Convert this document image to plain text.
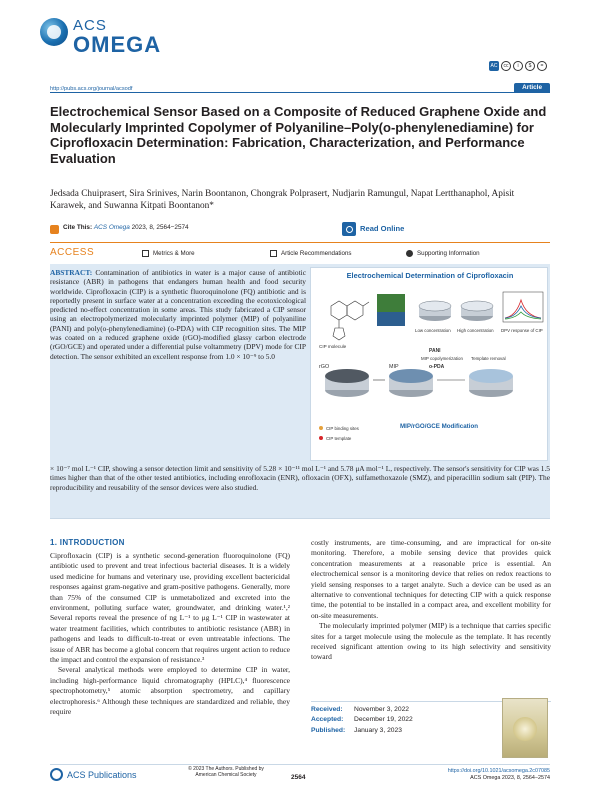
ACS
OMEGA
AC	cc	i	$	=
http://pubs.acs.org/journal/acsodf	Article
Electrochemical Sensor Based on a Composite of Reduced Graphene Oxide and Molecularly Imprinted Copolymer of Polyaniline–Poly(o-phenylenediamine) for Ciprofloxacin Determination: Fabrication, Characterization, and Performance Evaluation
Jedsada Chuiprasert, Sira Srinives, Narin Boontanon, Chongrak Polprasert, Nudjarin Ramungul, Napat Lertthanaphol, Apisit Karawek, and Suwanna Kitpati Boontanon*
Cite This: ACS Omega 2023, 8, 2564−2574	Read Online
ACCESS	Metrics & More	Article Recommendations	Supporting Information

ABSTRACT: Contamination of antibiotics in water is a major cause of antibiotic resistance (ABR) in pathogens that endangers human health and food security worldwide. Ciprofloxacin (CIP) is a synthetic fluoroquinolone (FQ) antibiotic and is reportedly present in surface water at a concentration exceeding the ecotoxicological predicted no-effect concentration in some areas. This study fabricated a CIP sensor using an electropolymerized molecularly imprinted polymer (MIP) of polyaniline (PANI) and poly(o-phenylenediamine) (o-PDA) with CIP recognition sites. The MIP was coated on a reduced graphene oxide (rGO)-modified glassy carbon electrode (rGO/GCE) and operated under a differential pulse voltammetry (DPV) mode for CIP detection. The sensor exhibited an excellent response from 1.0 × 10⁻⁹ to 5.0

Electrochemical Determination of Ciprofloxacin
CIP molecule
Low concentration High concentration DPV response of CIP
rGO
PANI
MIP copolymerization
o-PDA
MIP
Template removal
CIP binding sites
CIP template
MIP/rGO/GCE Modification

× 10⁻⁷ mol L⁻¹ CIP, showing a sensor detection limit and sensitivity of 5.28 × 10⁻¹¹ mol L⁻¹ and 5.78 μA mol⁻¹ L, respectively. The sensor's sensitivity for CIP was 1.5 times higher than that of the other tested antibiotics, including enrofloxacin (ENR), ofloxacin (OFX), sulfamethoxazole (SMZ), and piperacillin sodium salt (PIP). The reproducibility and reusability of the sensor devices were also studied.

1. INTRODUCTION

Ciprofloxacin (CIP) is a synthetic second-generation fluoroquinolone (FQ) antibiotic used to prevent and treat infectious bacterial diseases. It is a widely used medicine for humans and veterinary use, providing excellent bactericidal responses against gram-negative and gram-positive pathogens. Generally, more than 75% of the consumed CIP is unmetabolized and excreted into the environment, polluting surface water, groundwater, and drinking water.¹,² Several reports reveal the presence of ng L⁻¹ to μg L⁻¹ CIP in wastewater at water treatment facilities, which contributes to antibiotic resistance (ABR) in pathogens and leads to difficult-to-treat or even untreatable infections. The issue of ABR has become a global concern that requires urgent action to reduce the impact and control the expansion of resistance.³

Several analytical methods were employed to determine CIP in water, including high-performance liquid chromatography (HPLC),⁴ fluorescence spectrophotometry,⁵ atomic absorption spectrometry, and capillary electrophoresis.⁶ Although these techniques are standardized and reliable, they require

costly instruments, are time-consuming, and are impractical for on-site monitoring. Therefore, a mobile sensing device that provides quick concentration measurements at a reasonable price is essential. An electrochemical sensor is a monitoring device that relies on redox reactions to yield sensing responses to a target analyte. Such a device can be used as an alternative to conventional techniques for detecting CIP with a quick response time, the potential to be installed in a compact area, and excellent mobility for on-site measurements.

The molecularly imprinted polymer (MIP) is a technique that carries specific sites for a target molecule using the molecule as the template. It has recently received significant attention owing to its high selectivity and sensitivity toward

Received:	November 3, 2022
Accepted:	December 19, 2022
Published:	January 3, 2023
ACS Publications
© 2023 The Authors. Published by
American Chemical Society	2564
https://doi.org/10.1021/acsomega.2c07085
ACS Omega 2023, 8, 2564−2574
